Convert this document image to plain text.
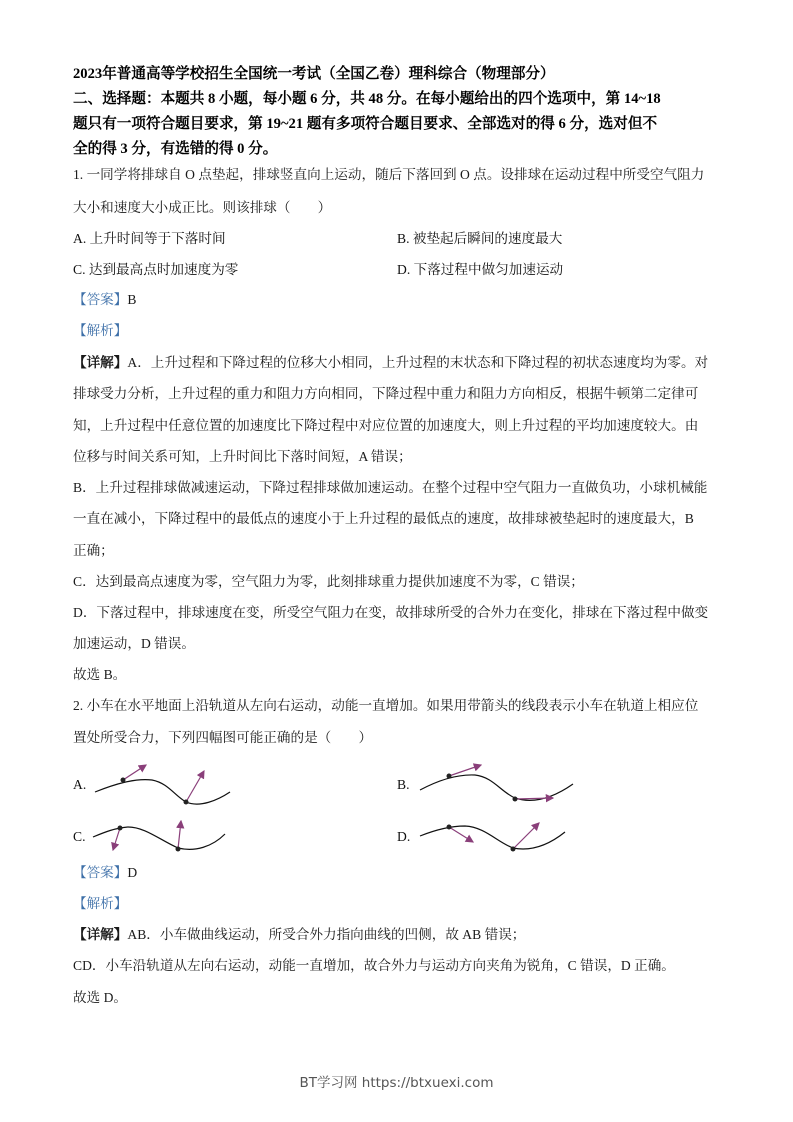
2023年普通高等学校招生全国统一考试（全国乙卷）理科综合（物理部分）
二、选择题：本题共 8 小题，每小题 6 分，共 48 分。在每小题给出的四个选项中，第 14~18
题只有一项符合题目要求，第 19~21 题有多项符合题目要求、全部选对的得 6 分，选对但不
全的得 3 分，有选错的得 0 分。
1. 一同学将排球自 O 点垫起，排球竖直向上运动，随后下落回到 O 点。设排球在运动过程中所受空气阻力
大小和速度大小成正比。则该排球（　　）
A. 上升时间等于下落时间	B. 被垫起后瞬间的速度最大
C. 达到最高点时加速度为零	D. 下落过程中做匀加速运动
【答案】B
【解析】
【详解】A．上升过程和下降过程的位移大小相同，上升过程的末状态和下降过程的初状态速度均为零。对
排球受力分析，上升过程的重力和阻力方向相同，下降过程中重力和阻力方向相反，根据牛顿第二定律可
知，上升过程中任意位置的加速度比下降过程中对应位置的加速度大，则上升过程的平均加速度较大。由
位移与时间关系可知，上升时间比下落时间短，A 错误；
B．上升过程排球做减速运动，下降过程排球做加速运动。在整个过程中空气阻力一直做负功，小球机械能
一直在减小，下降过程中的最低点的速度小于上升过程的最低点的速度，故排球被垫起时的速度最大，B
正确；
C．达到最高点速度为零，空气阻力为零，此刻排球重力提供加速度不为零，C 错误；
D．下落过程中，排球速度在变，所受空气阻力在变，故排球所受的合外力在变化，排球在下落过程中做变
加速运动，D 错误。
故选 B。
2. 小车在水平地面上沿轨道从左向右运动，动能一直增加。如果用带箭头的线段表示小车在轨道上相应位
置处所受合力，下列四幅图可能正确的是（　　）
A.	B.
C.	D.
【答案】D
【解析】
【详解】AB．小车做曲线运动，所受合外力指向曲线的凹侧，故 AB 错误；
CD．小车沿轨道从左向右运动，动能一直增加，故合外力与运动方向夹角为锐角，C 错误，D 正确。
故选 D。
BT学习网 https://btxuexi.com
